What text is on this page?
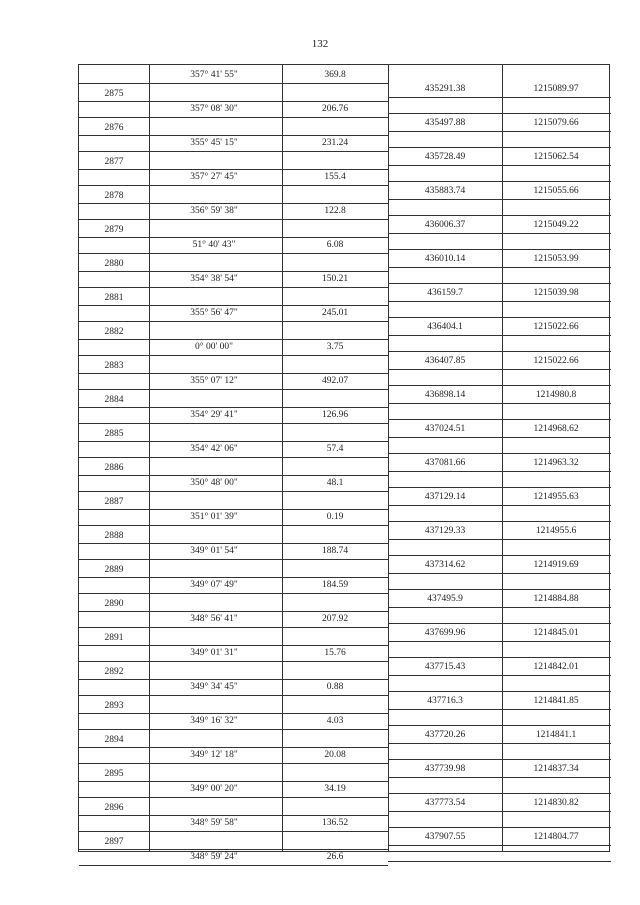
132
357° 41' 55"	369.8
2875	435291.38	1215089.97
357° 08' 30"	206.76
2876	435497.88	1215079.66
355° 45' 15"	231.24
2877	435728.49	1215062.54
357° 27' 45"	155.4
2878	435883.74	1215055.66
356° 59' 38"	122.8
2879	436006.37	1215049.22
51° 40' 43"	6.08
2880	436010.14	1215053.99
354° 38' 54"	150.21
2881	436159.7	1215039.98
355° 56' 47"	245.01
2882	436404.1	1215022.66
0° 00' 00"	3.75
2883	436407.85	1215022.66
355° 07' 12"	492.07
2884	436898.14	1214980.8
354° 29' 41"	126.96
2885	437024.51	1214968.62
354° 42' 06"	57.4
2886	437081.66	1214963.32
350° 48' 00"	48.1
2887	437129.14	1214955.63
351° 01' 39"	0.19
2888	437129.33	1214955.6
349° 01' 54"	188.74
2889	437314.62	1214919.69
349° 07' 49"	184.59
2890	437495.9	1214884.88
348° 56' 41"	207.92
2891	437699.96	1214845.01
349° 01' 31"	15.76
2892	437715.43	1214842.01
349° 34' 45"	0.88
2893	437716.3	1214841.85
349° 16' 32"	4.03
2894	437720.26	1214841.1
349° 12' 18"	20.08
2895	437739.98	1214837.34
349° 00' 20"	34.19
2896	437773.54	1214830.82
348° 59' 58"	136.52
2897	437907.55	1214804.77
348° 59' 24"	26.6
